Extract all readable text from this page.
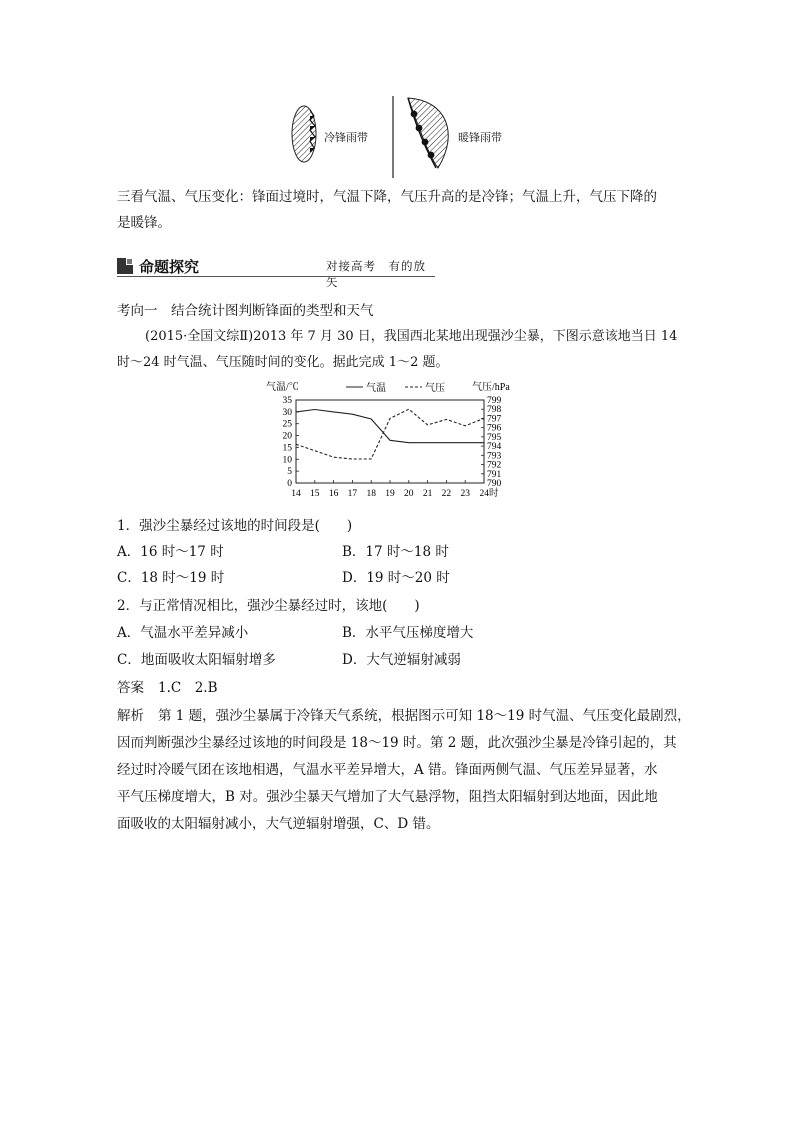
冷锋雨带	暖锋雨带
三看气温、气压变化：锋面过境时，气温下降，气压升高的是冷锋；气温上升，气压下降的
是暖锋。
命题探究	对接高考　有的放矢
考向一　结合统计图判断锋面的类型和天气
(2015·全国文综Ⅱ)2013 年 7 月 30 日，我国西北某地出现强沙尘暴，下图示意该地当日 14
时～24 时气温、气压随时间的变化。据此完成 1～2 题。
气温/℃	气压/hPa
气温	气压
0
5
10
15
20
25
30
35
790
791
792
793
794
795
796
797
798
799
14 15 16 17 18 19 20 21 22 23 24时
1．强沙尘暴经过该地的时间段是(　　)
A．16 时～17 时	B．17 时～18 时
C．18 时～19 时	D．19 时～20 时
2．与正常情况相比，强沙尘暴经过时，该地(　　)
A．气温水平差异减小	B．水平气压梯度增大
C．地面吸收太阳辐射增多	D．大气逆辐射减弱
答案 1.C　2.B
解析 第 1 题，强沙尘暴属于冷锋天气系统，根据图示可知 18～19 时气温、气压变化最剧烈，
因而判断强沙尘暴经过该地的时间段是 18～19 时。第 2 题，此次强沙尘暴是冷锋引起的，其
经过时冷暖气团在该地相遇，气温水平差异增大，A 错。锋面两侧气温、气压差异显著，水
平气压梯度增大，B 对。强沙尘暴天气增加了大气悬浮物，阻挡太阳辐射到达地面，因此地
面吸收的太阳辐射减小，大气逆辐射增强，C、D 错。
